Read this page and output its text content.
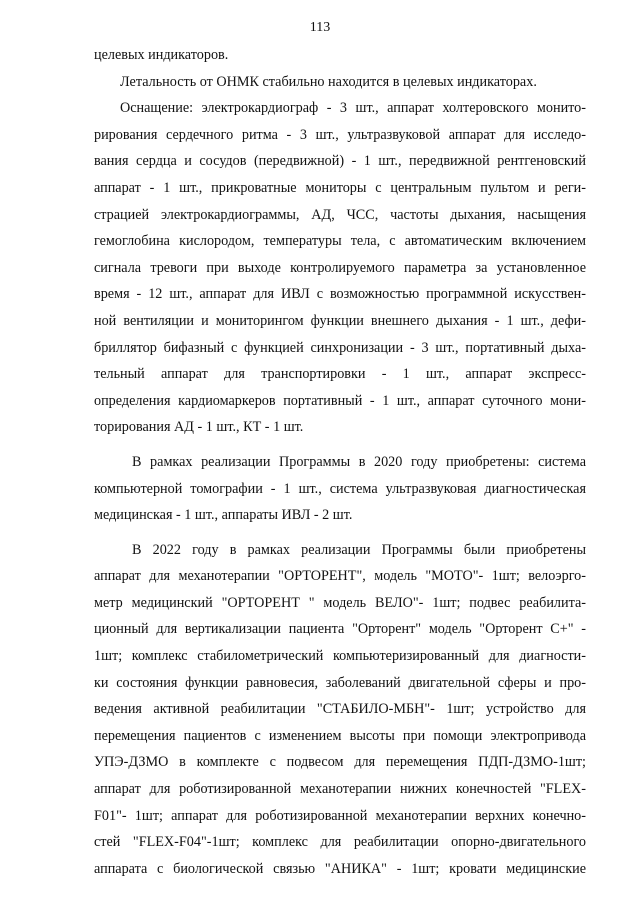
113
целевых индикаторов.
Летальность от ОНМК стабильно находится в целевых индикаторах.
Оснащение: электрокардиограф - 3 шт., аппарат холтеровского монито-
рирования сердечного ритма - 3 шт., ультразвуковой аппарат для исследо-
вания сердца и сосудов (передвижной) - 1 шт., передвижной рентгеновский
аппарат - 1 шт., прикроватные мониторы с центральным пультом и реги-
страцией электрокардиограммы, АД, ЧСС, частоты дыхания, насыщения
гемоглобина кислородом, температуры тела, с автоматическим включением
сигнала тревоги при выходе контролируемого параметра за установленное
время - 12 шт., аппарат для ИВЛ с возможностью программной искусствен-
ной вентиляции и мониторингом функции внешнего дыхания - 1 шт., дефи-
бриллятор бифазный с функцией синхронизации - 3 шт., портативный дыха-
тельный аппарат для транспортировки - 1 шт., аппарат экспресс-
определения кардиомаркеров портативный - 1 шт., аппарат суточного мони-
торирования АД - 1 шт., КТ - 1 шт.
В рамках реализации Программы в 2020 году приобретены: система
компьютерной томографии - 1 шт., система ультразвуковая диагностическая
медицинская - 1 шт., аппараты ИВЛ - 2 шт.
В 2022 году в рамках реализации Программы были приобретены
аппарат для механотерапии "ОРТОРЕНТ", модель "МОТО"- 1шт; велоэрго-
метр медицинский "ОРТОРЕНТ " модель ВЕЛО"- 1шт; подвес реабилита-
ционный для вертикализации пациента "Орторент" модель "Орторент С+" -
1шт; комплекс стабилометрический компьютеризированный для диагности-
ки состояния функции равновесия, заболеваний двигательной сферы и про-
ведения активной реабилитации "СТАБИЛО-МБН"- 1шт; устройство для
перемещения пациентов с изменением высоты при помощи электропривода
УПЭ-ДЗМО в комплекте с подвесом для перемещения ПДП-ДЗМО-1шт;
аппарат для роботизированной механотерапии нижних конечностей "FLEX-
F01"- 1шт; аппарат для роботизированной механотерапии верхних конечно-
стей "FLEX-F04"-1шт; комплекс для реабилитации опорно-двигательного
аппарата с биологической связью "АНИКА" - 1шт; кровати медицинские
